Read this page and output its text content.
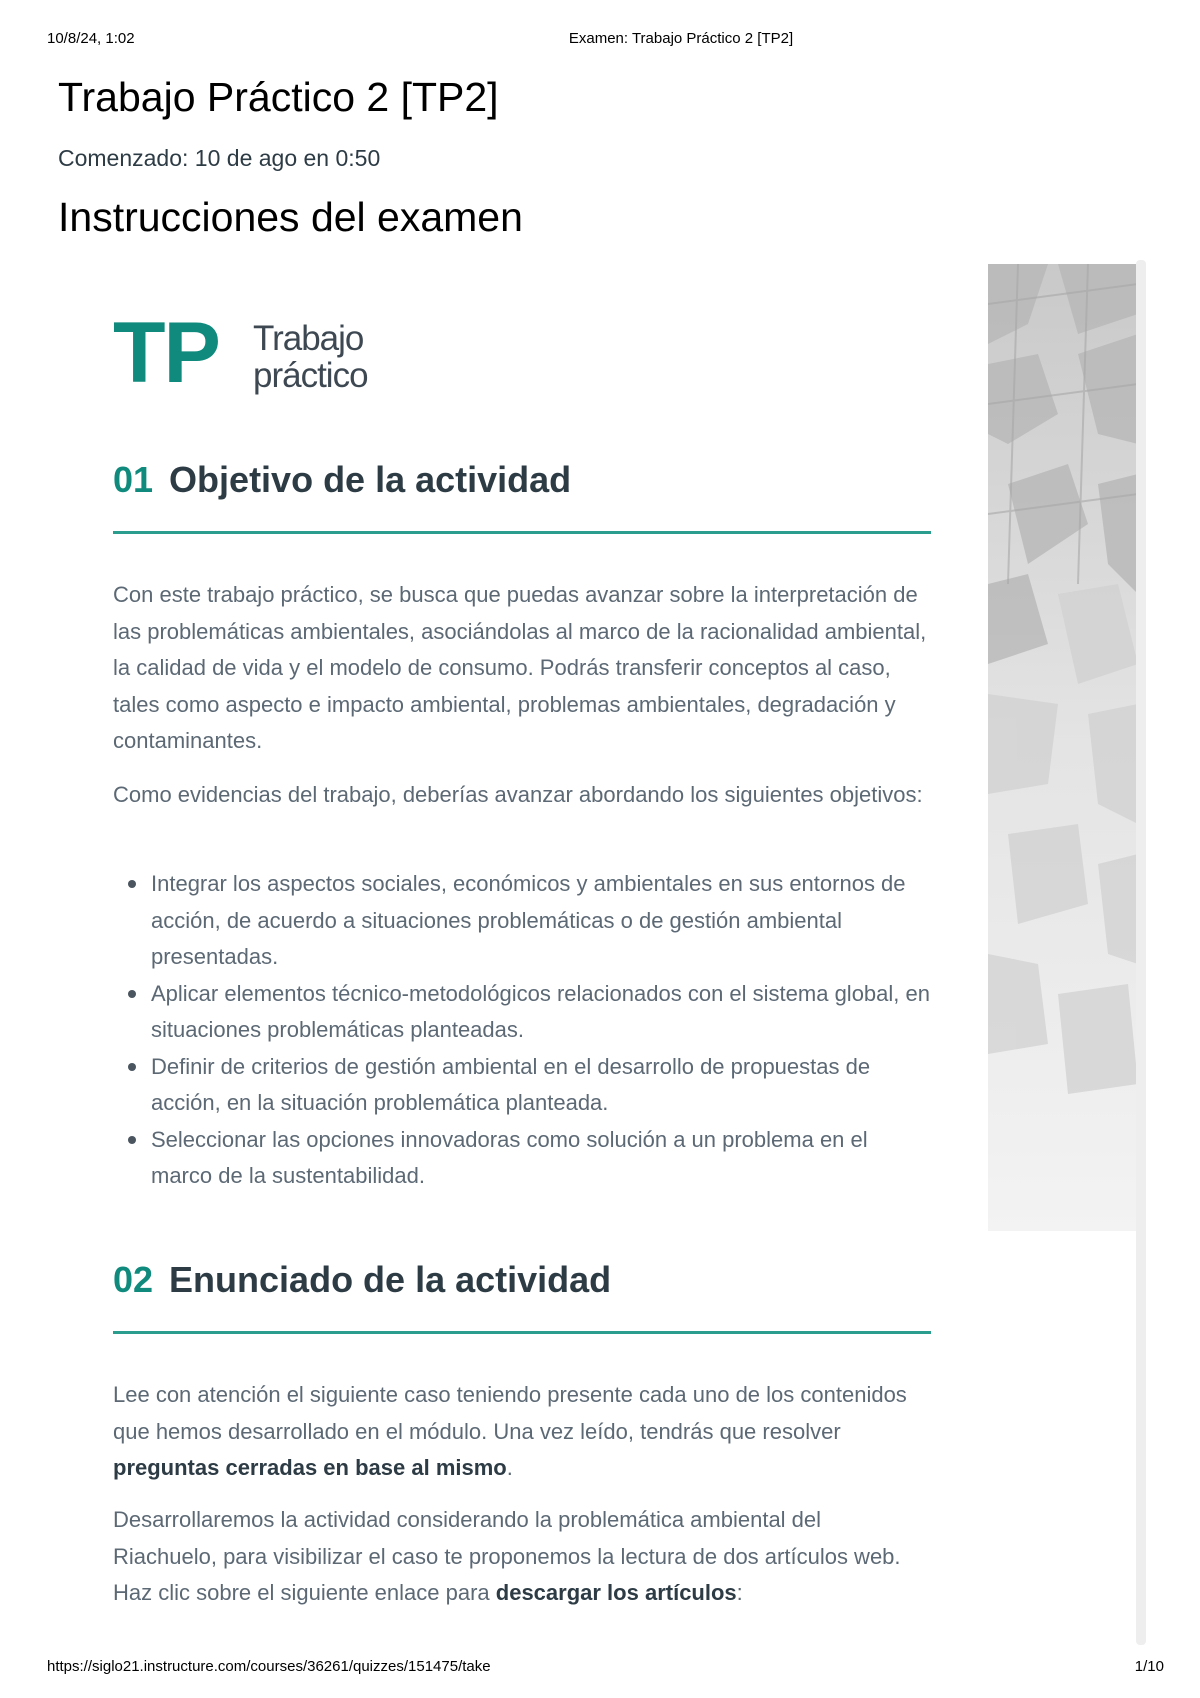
10/8/24, 1:02	Examen: Trabajo Práctico 2 [TP2]
Trabajo Práctico 2 [TP2]
Comenzado: 10 de ago en 0:50
Instrucciones del examen
TP Trabajo
práctico
01 Objetivo de la actividad

Con este trabajo práctico, se busca que puedas avanzar sobre la interpretación de las problemáticas ambientales, asociándolas al marco de la racionalidad ambiental, la calidad de vida y el modelo de consumo. Podrás transferir conceptos al caso, tales como aspecto e impacto ambiental, problemas ambientales, degradación y contaminantes.

Como evidencias del trabajo, deberías avanzar abordando los siguientes objetivos:

Integrar los aspectos sociales, económicos y ambientales en sus entornos de acción, de acuerdo a situaciones problemáticas o de gestión ambiental presentadas.
Aplicar elementos técnico-metodológicos relacionados con el sistema global, en situaciones problemáticas planteadas.
Definir de criterios de gestión ambiental en el desarrollo de propuestas de acción, en la situación problemática planteada.
Seleccionar las opciones innovadoras como solución a un problema en el marco de la sustentabilidad.
02 Enunciado de la actividad

Lee con atención el siguiente caso teniendo presente cada uno de los contenidos que hemos desarrollado en el módulo. Una vez leído, tendrás que resolver preguntas cerradas en base al mismo.

Desarrollaremos la actividad considerando la problemática ambiental del Riachuelo, para visibilizar el caso te proponemos la lectura de dos artículos web. Haz clic sobre el siguiente enlace para descargar los artículos:

https://siglo21.instructure.com/courses/36261/quizzes/151475/take	1/10
